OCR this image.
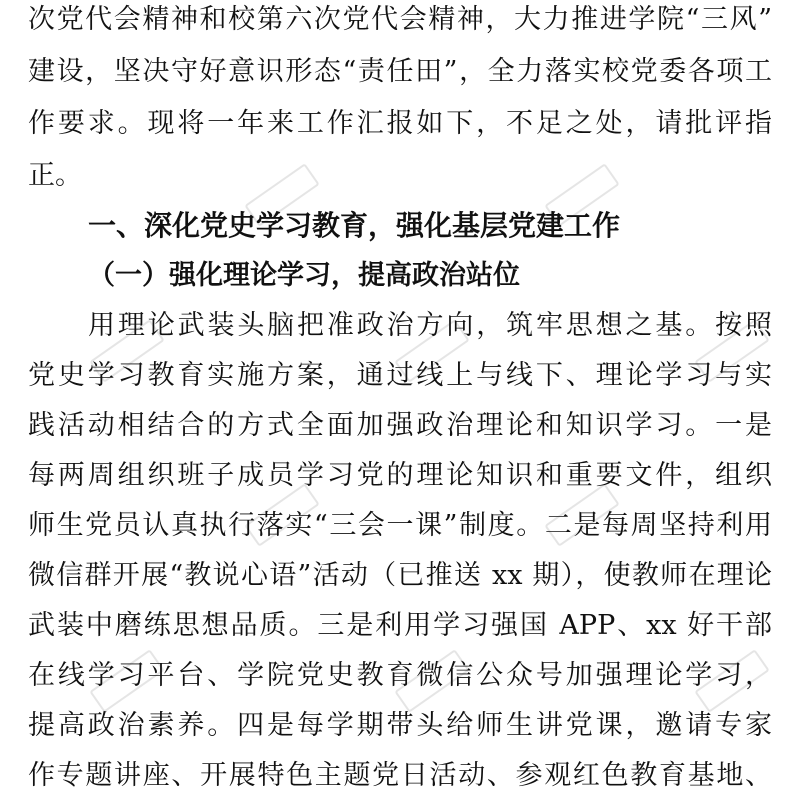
次党代会精神和校第六次党代会精神，大力推进学院“三风”
建设，坚决守好意识形态“责任田”，全力落实校党委各项工
作要求。现将一年来工作汇报如下，不足之处，请批评指
正。
一、深化党史学习教育，强化基层党建工作
（一）强化理论学习，提高政治站位
用理论武装头脑把准政治方向，筑牢思想之基。按照
党史学习教育实施方案，通过线上与线下、理论学习与实
践活动相结合的方式全面加强政治理论和知识学习。一是
每两周组织班子成员学习党的理论知识和重要文件，组织
师生党员认真执行落实“三会一课”制度。二是每周坚持利用
微信群开展“教说心语”活动（已推送 xx 期），使教师在理论
武装中磨练思想品质。三是利用学习强国 APP、xx 好干部
在线学习平台、学院党史教育微信公众号加强理论学习，
提高政治素养。四是每学期带头给师生讲党课，邀请专家
作专题讲座、开展特色主题党日活动、参观红色教育基地、
